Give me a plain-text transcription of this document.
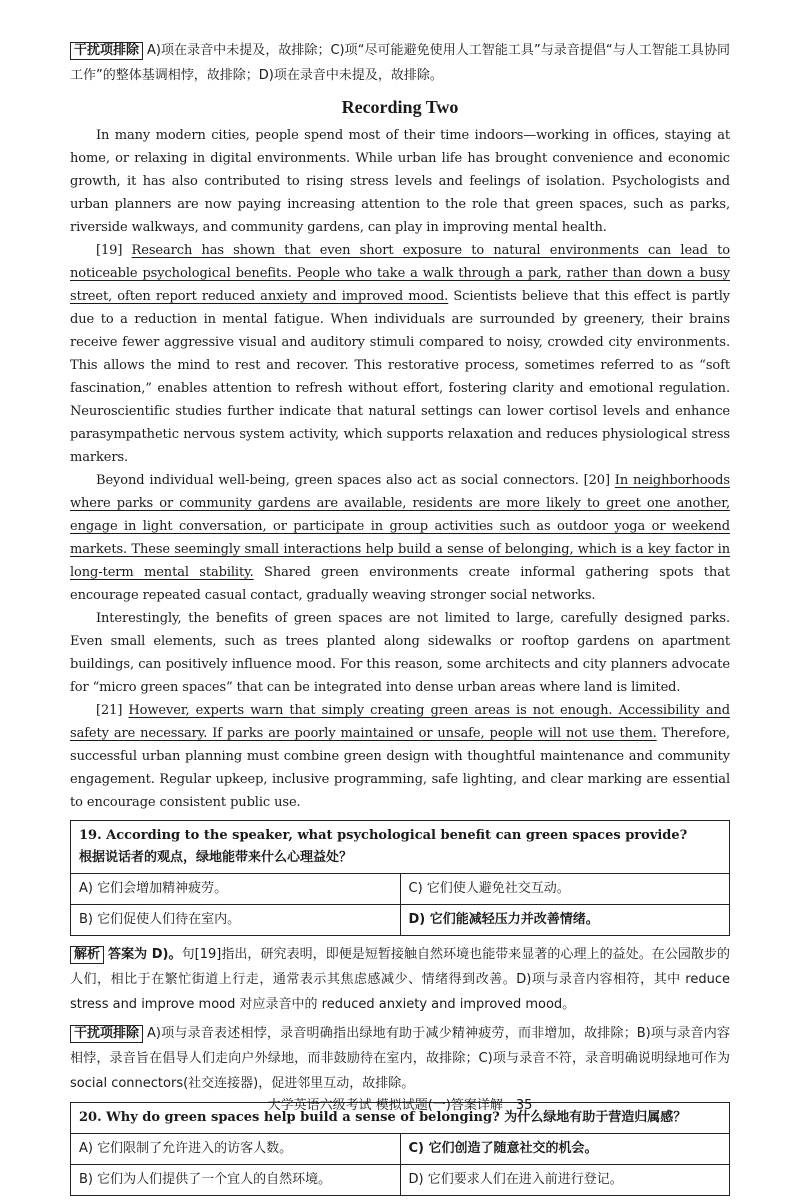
干扰项排除 A)项在录音中未提及，故排除；C)项“尽可能避免使用人工智能工具”与录音提倡“与人工智能工具协同工作”的整体基调相悖，故排除；D)项在录音中未提及，故排除。

Recording Two

In many modern cities, people spend most of their time indoors—working in offices, staying at home, or relaxing in digital environments. While urban life has brought convenience and economic growth, it has also contributed to rising stress levels and feelings of isolation. Psychologists and urban planners are now paying increasing attention to the role that green spaces, such as parks, riverside walkways, and community gardens, can play in improving mental health.

[19] Research has shown that even short exposure to natural environments can lead to noticeable psychological benefits. People who take a walk through a park, rather than down a busy street, often report reduced anxiety and improved mood. Scientists believe that this effect is partly due to a reduction in mental fatigue. When individuals are surrounded by greenery, their brains receive fewer aggressive visual and auditory stimuli compared to noisy, crowded city environments. This allows the mind to rest and recover. This restorative process, sometimes referred to as “soft fascination,” enables attention to refresh without effort, fostering clarity and emotional regulation. Neuroscientific studies further indicate that natural settings can lower cortisol levels and enhance parasympathetic nervous system activity, which supports relaxation and reduces physiological stress markers.

Beyond individual well-being, green spaces also act as social connectors. [20] In neighborhoods where parks or community gardens are available, residents are more likely to greet one another, engage in light conversation, or participate in group activities such as outdoor yoga or weekend markets. These seemingly small interactions help build a sense of belonging, which is a key factor in long-term mental stability. Shared green environments create informal gathering spots that encourage repeated casual contact, gradually weaving stronger social networks.

Interestingly, the benefits of green spaces are not limited to large, carefully designed parks. Even small elements, such as trees planted along sidewalks or rooftop gardens on apartment buildings, can positively influence mood. For this reason, some architects and city planners advocate for “micro green spaces” that can be integrated into dense urban areas where land is limited.

[21] However, experts warn that simply creating green areas is not enough. Accessibility and safety are necessary. If parks are poorly maintained or unsafe, people will not use them. Therefore, successful urban planning must combine green design with thoughtful maintenance and community engagement. Regular upkeep, inclusive programming, safe lighting, and clear marking are essential to encourage consistent public use.

19. According to the speaker, what psychological benefit can green spaces provide?
根据说话者的观点，绿地能带来什么心理益处？	

A) 它们会增加精神疲劳。	C) 它们使人避免社交互动。
B) 它们促使人们待在室内。	D) 它们能减轻压力并改善情绪。

解析 答案为 D)。句[19]指出，研究表明，即便是短暂接触自然环境也能带来显著的心理上的益处。在公园散步的人们，相比于在繁忙街道上行走，通常表示其焦虑感减少、情绪得到改善。D)项与录音内容相符，其中 reduce stress and improve mood 对应录音中的 reduced anxiety and improved mood。

干扰项排除 A)项与录音表述相悖，录音明确指出绿地有助于减少精神疲劳，而非增加，故排除；B)项与录音内容相悖，录音旨在倡导人们走向户外绿地，而非鼓励待在室内，故排除；C)项与录音不符，录音明确说明绿地可作为 social connectors(社交连接器)，促进邻里互动，故排除。

20. Why do green spaces help build a sense of belonging? 为什么绿地有助于营造归属感？	
A) 它们限制了允许进入的访客人数。	C) 它们创造了随意社交的机会。
B) 它们为人们提供了一个宜人的自然环境。	D) 它们要求人们在进入前进行登记。
大学英语六级考试 模拟试题(一)答案详解　35
